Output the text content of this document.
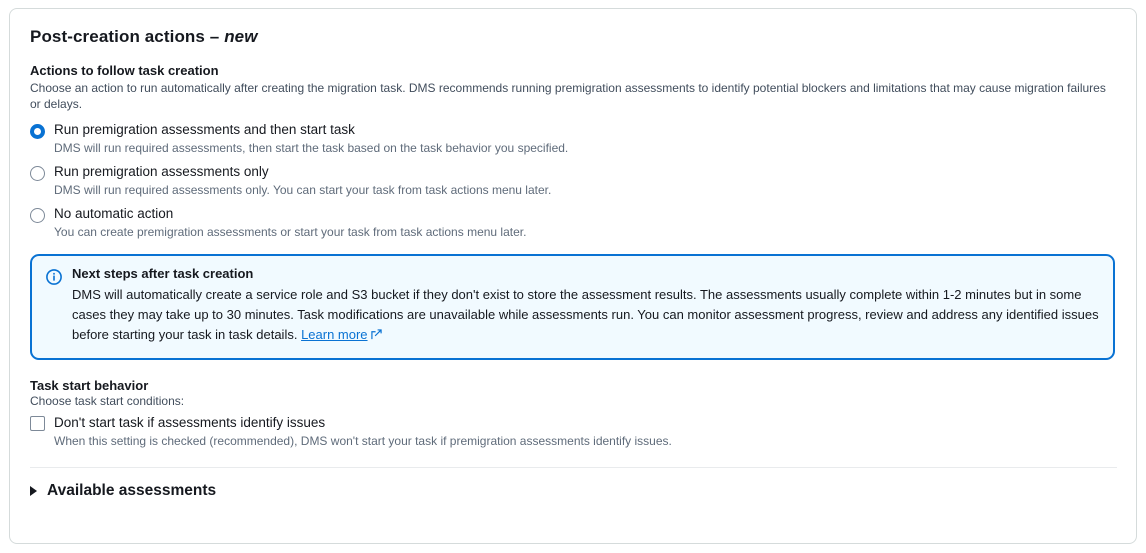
Post-creation actions – new
Actions to follow task creation
Choose an action to run automatically after creating the migration task. DMS recommends running premigration assessments to identify potential blockers and limitations that may cause migration failures or delays.
Run premigration assessments and then start task
DMS will run required assessments, then start the task based on the task behavior you specified.
Run premigration assessments only
DMS will run required assessments only. You can start your task from task actions menu later.
No automatic action
You can create premigration assessments or start your task from task actions menu later.
Next steps after task creation
DMS will automatically create a service role and S3 bucket if they don't exist to store the assessment results. The assessments usually complete within 1-2 minutes but in some cases they may take up to 30 minutes. Task modifications are unavailable while assessments run. You can monitor assessment progress, review and address any identified issues before starting your task in task details. Learn more
Task start behavior
Choose task start conditions:
Don't start task if assessments identify issues
When this setting is checked (recommended), DMS won't start your task if premigration assessments identify issues.
Available assessments
